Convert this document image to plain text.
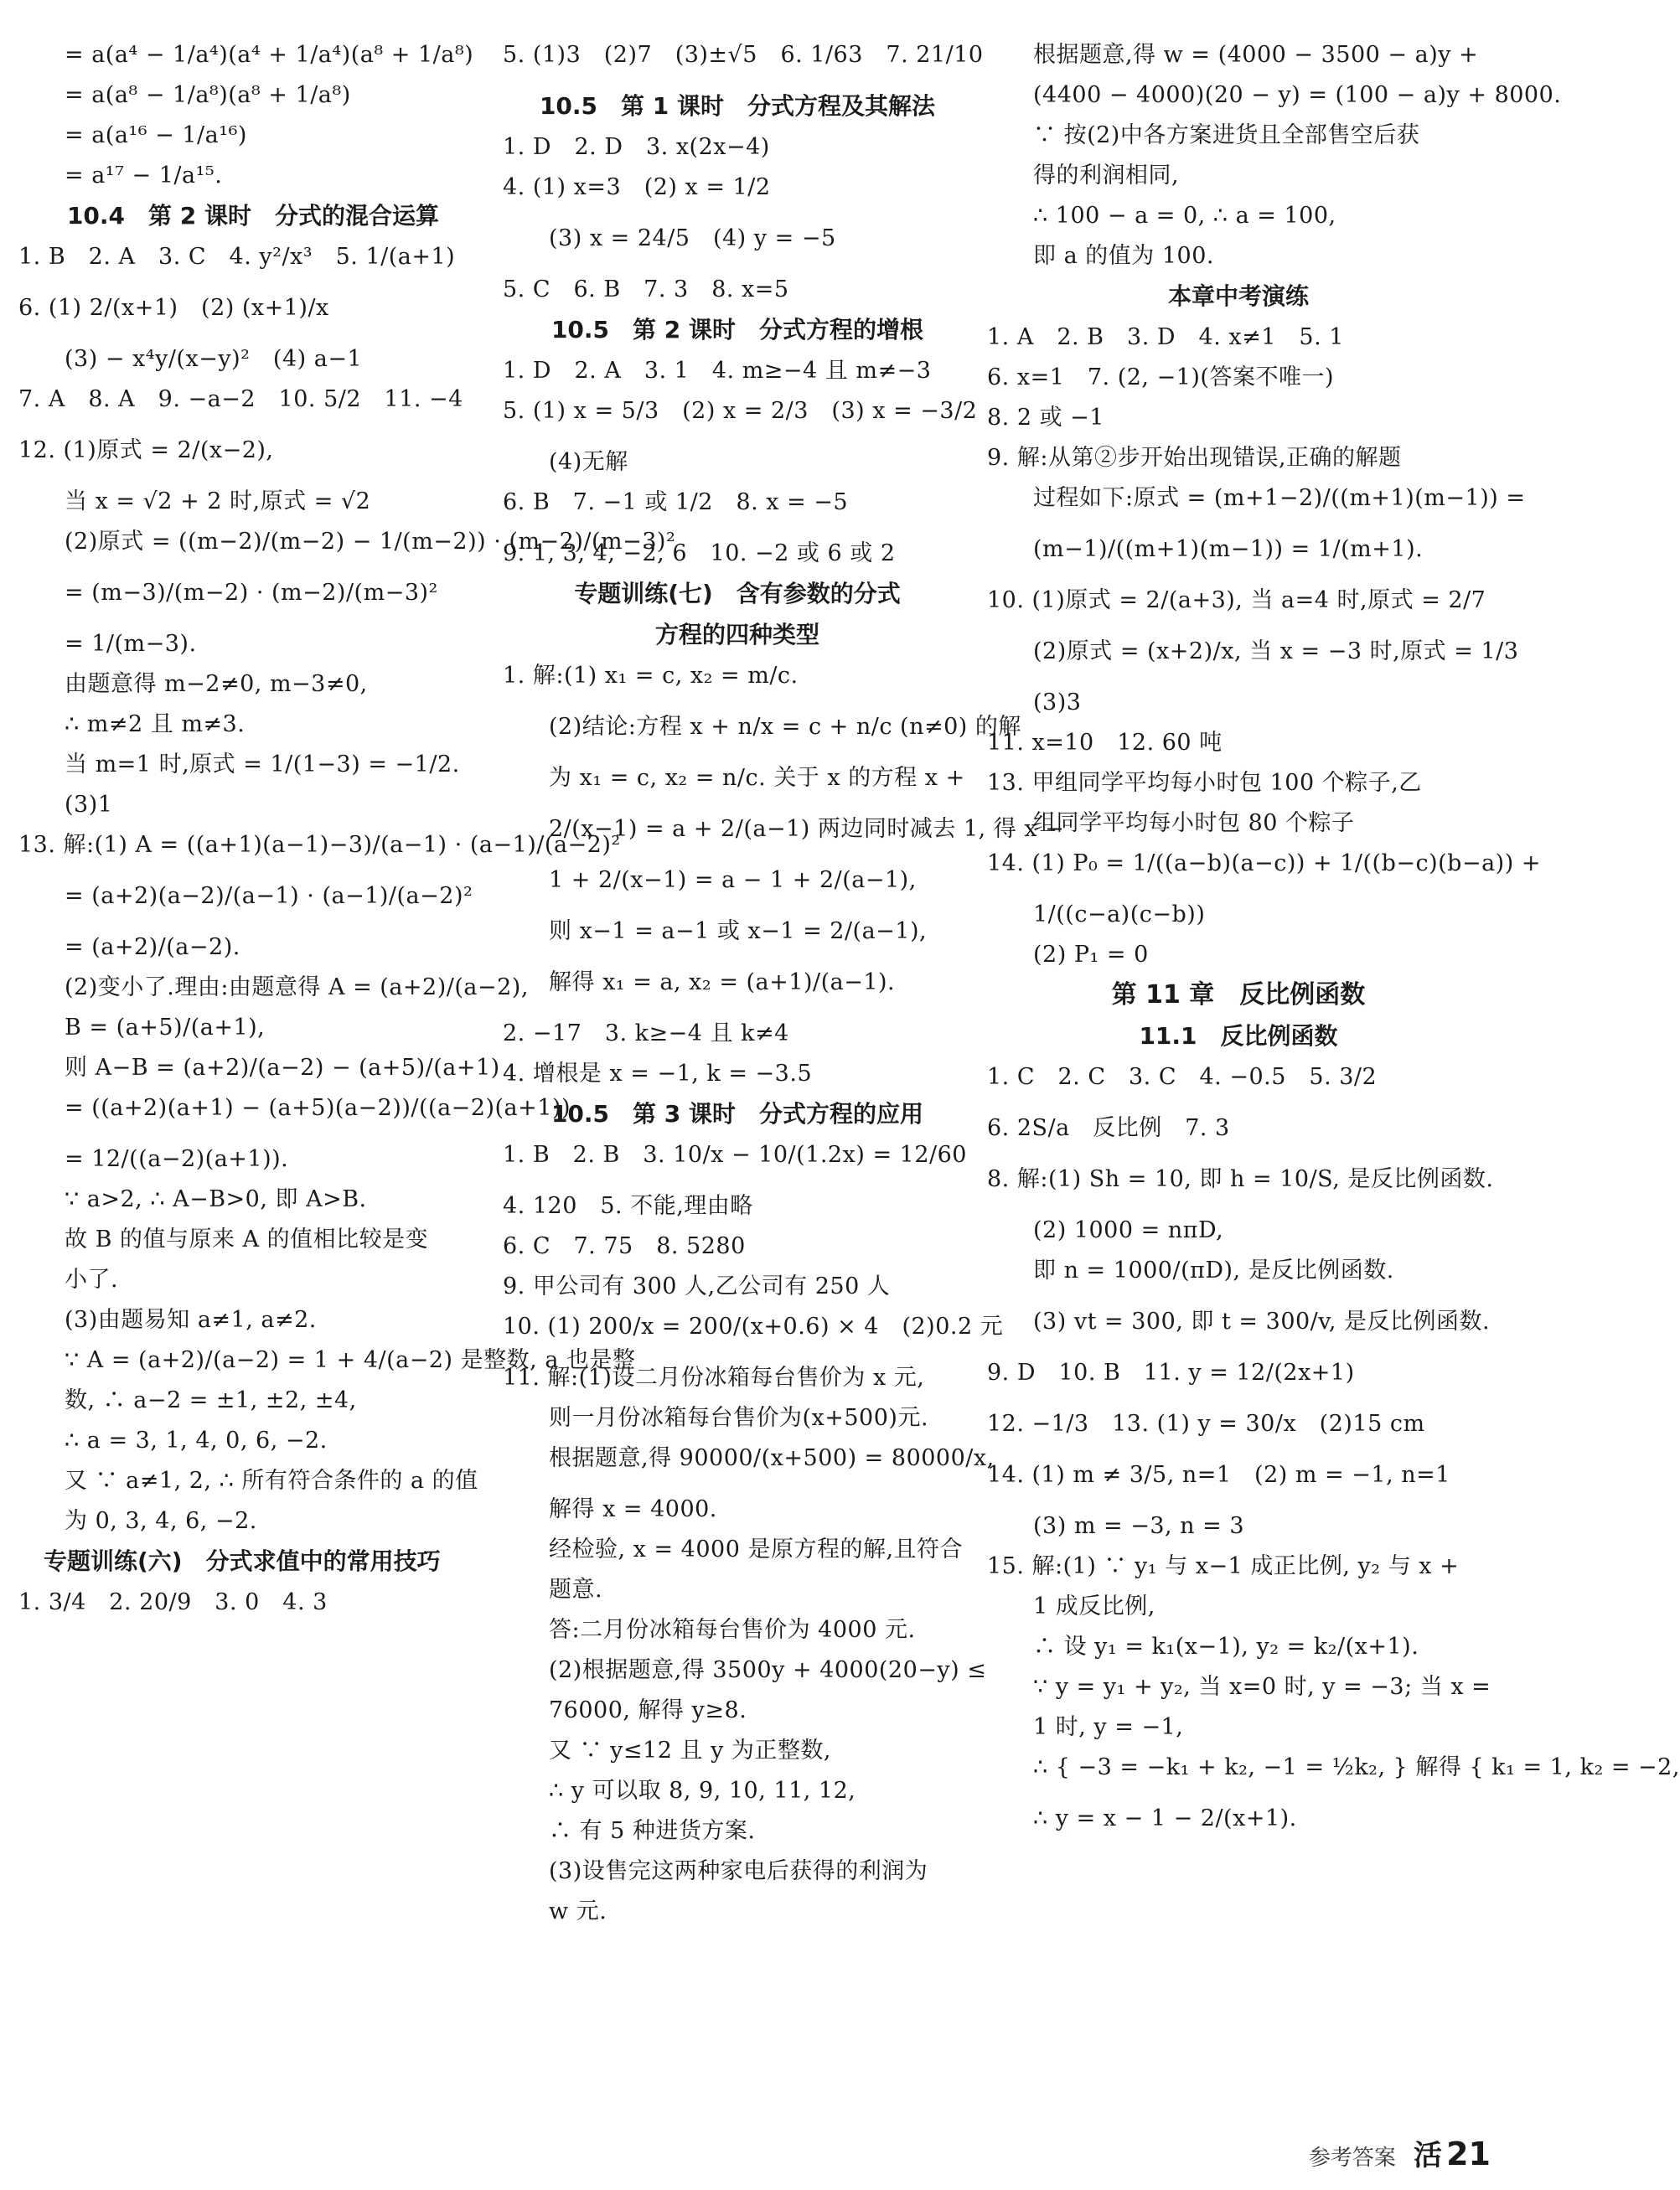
= a(a⁴ − 1/a⁴)(a⁴ + 1/a⁴)(a⁸ + 1/a⁸)
= a(a⁸ − 1/a⁸)(a⁸ + 1/a⁸)
= a(a¹⁶ − 1/a¹⁶)
= a¹⁷ − 1/a¹⁵.
10.4　第 2 课时　分式的混合运算
1. B　2. A　3. C　4. y²/x³　5. 1/(a+1)
6. (1) 2/(x+1)　(2) (x+1)/x
(3) − x⁴y/(x−y)²　(4) a−1
7. A　8. A　9. −a−2　10. 5/2　11. −4
12. (1)原式 = 2/(x−2),
当 x = √2 + 2 时,原式 = √2
(2)原式 = ((m−2)/(m−2) − 1/(m−2)) · (m−2)/(m−3)²
= (m−3)/(m−2) · (m−2)/(m−3)²
= 1/(m−3).
由题意得 m−2≠0, m−3≠0,
∴ m≠2 且 m≠3.
当 m=1 时,原式 = 1/(1−3) = −1/2.
(3)1
13. 解:(1) A = ((a+1)(a−1)−3)/(a−1) · (a−1)/(a−2)²
= (a+2)(a−2)/(a−1) · (a−1)/(a−2)²
= (a+2)/(a−2).
(2)变小了.理由:由题意得 A = (a+2)/(a−2),
B = (a+5)/(a+1),
则 A−B = (a+2)/(a−2) − (a+5)/(a+1)
= ((a+2)(a+1) − (a+5)(a−2))/((a−2)(a+1))
= 12/((a−2)(a+1)).
∵ a>2, ∴ A−B>0, 即 A>B.
故 B 的值与原来 A 的值相比较是变
小了.
(3)由题易知 a≠1, a≠2.
∵ A = (a+2)/(a−2) = 1 + 4/(a−2) 是整数, a 也是整
数, ∴ a−2 = ±1, ±2, ±4,
∴ a = 3, 1, 4, 0, 6, −2.
又 ∵ a≠1, 2, ∴ 所有符合条件的 a 的值
为 0, 3, 4, 6, −2.
专题训练(六)　分式求值中的常用技巧
1. 3/4　2. 20/9　3. 0　4. 3
5. (1)3　(2)7　(3)±√5　6. 1/63　7. 21/10
10.5　第 1 课时　分式方程及其解法
1. D　2. D　3. x(2x−4)
4. (1) x=3　(2) x = 1/2
(3) x = 24/5　(4) y = −5
5. C　6. B　7. 3　8. x=5
10.5　第 2 课时　分式方程的增根
1. D　2. A　3. 1　4. m≥−4 且 m≠−3
5. (1) x = 5/3　(2) x = 2/3　(3) x = −3/2
(4)无解
6. B　7. −1 或 1/2　8. x = −5
9. 1, 3, 4, −2, 6　10. −2 或 6 或 2
专题训练(七)　含有参数的分式
方程的四种类型
1. 解:(1) x₁ = c, x₂ = m/c.
(2)结论:方程 x + n/x = c + n/c (n≠0) 的解
为 x₁ = c, x₂ = n/c. 关于 x 的方程 x +
2/(x−1) = a + 2/(a−1) 两边同时减去 1, 得 x −
1 + 2/(x−1) = a − 1 + 2/(a−1),
则 x−1 = a−1 或 x−1 = 2/(a−1),
解得 x₁ = a, x₂ = (a+1)/(a−1).
2. −17　3. k≥−4 且 k≠4
4. 增根是 x = −1, k = −3.5
10.5　第 3 课时　分式方程的应用
1. B　2. B　3. 10/x − 10/(1.2x) = 12/60
4. 120　5. 不能,理由略
6. C　7. 75　8. 5280
9. 甲公司有 300 人,乙公司有 250 人
10. (1) 200/x = 200/(x+0.6) × 4　(2)0.2 元
11. 解:(1)设二月份冰箱每台售价为 x 元,
则一月份冰箱每台售价为(x+500)元.
根据题意,得 90000/(x+500) = 80000/x,
解得 x = 4000.
经检验, x = 4000 是原方程的解,且符合
题意.
答:二月份冰箱每台售价为 4000 元.
(2)根据题意,得 3500y + 4000(20−y) ≤
76000, 解得 y≥8.
又 ∵ y≤12 且 y 为正整数,
∴ y 可以取 8, 9, 10, 11, 12,
∴ 有 5 种进货方案.
(3)设售完这两种家电后获得的利润为
w 元.
根据题意,得 w = (4000 − 3500 − a)y +
(4400 − 4000)(20 − y) = (100 − a)y + 8000.
∵ 按(2)中各方案进货且全部售空后获
得的利润相同,
∴ 100 − a = 0, ∴ a = 100,
即 a 的值为 100.
本章中考演练
1. A　2. B　3. D　4. x≠1　5. 1
6. x=1　7. (2, −1)(答案不唯一)
8. 2 或 −1
9. 解:从第②步开始出现错误,正确的解题
过程如下:原式 = (m+1−2)/((m+1)(m−1)) =
(m−1)/((m+1)(m−1)) = 1/(m+1).
10. (1)原式 = 2/(a+3), 当 a=4 时,原式 = 2/7
(2)原式 = (x+2)/x, 当 x = −3 时,原式 = 1/3
(3)3
11. x=10　12. 60 吨
13. 甲组同学平均每小时包 100 个粽子,乙
组同学平均每小时包 80 个粽子
14. (1) P₀ = 1/((a−b)(a−c)) + 1/((b−c)(b−a)) +
1/((c−a)(c−b))
(2) P₁ = 0
第 11 章　反比例函数
11.1　反比例函数
1. C　2. C　3. C　4. −0.5　5. 3/2
6. 2S/a　反比例　7. 3
8. 解:(1) Sh = 10, 即 h = 10/S, 是反比例函数.
(2) 1000 = nπD,
即 n = 1000/(πD), 是反比例函数.
(3) vt = 300, 即 t = 300/v, 是反比例函数.
9. D　10. B　11. y = 12/(2x+1)
12. −1/3　13. (1) y = 30/x　(2)15 cm
14. (1) m ≠ 3/5, n=1　(2) m = −1, n=1
(3) m = −3, n = 3
15. 解:(1) ∵ y₁ 与 x−1 成正比例, y₂ 与 x +
1 成反比例,
∴ 设 y₁ = k₁(x−1), y₂ = k₂/(x+1).
∵ y = y₁ + y₂, 当 x=0 时, y = −3; 当 x =
1 时, y = −1,
∴ { −3 = −k₁ + k₂, −1 = ½k₂, } 解得 { k₁ = 1, k₂ = −2,
∴ y = x − 1 − 2/(x+1).
参考答案 活 21
